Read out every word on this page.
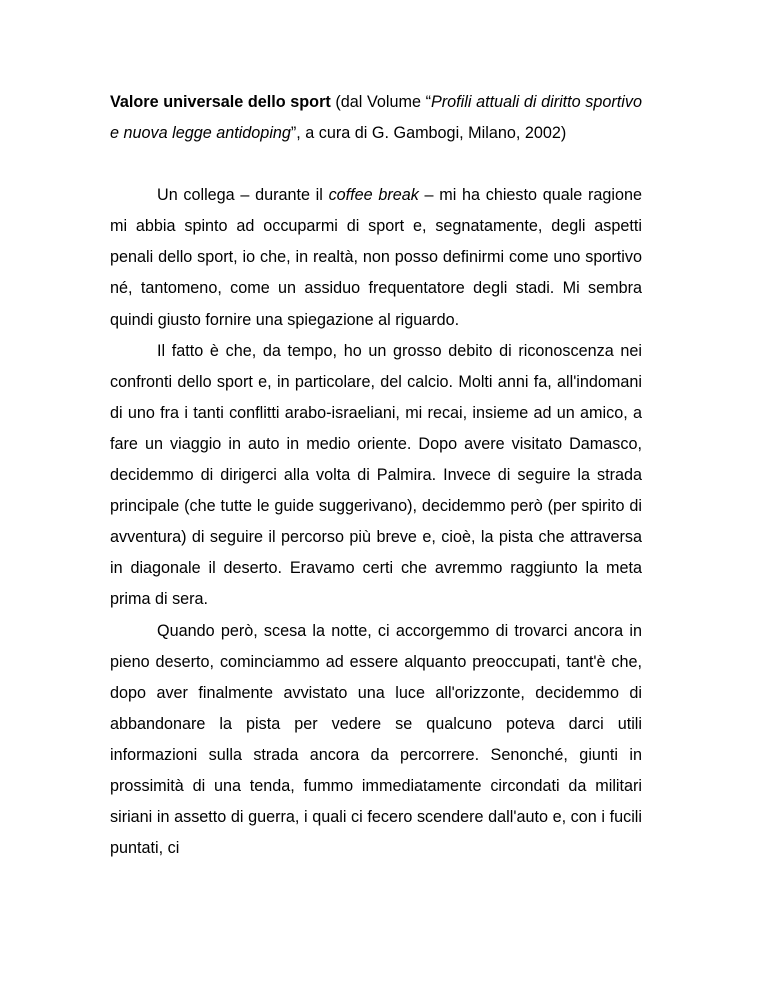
Valore universale dello sport (dal Volume “Profili attuali di diritto sportivo e nuova legge antidoping”, a cura di G. Gambogi, Milano, 2002)

Un collega – durante il coffee break – mi ha chiesto quale ragione mi abbia spinto ad occuparmi di sport e, segnatamente, degli aspetti penali dello sport, io che, in realtà, non posso definirmi come uno sportivo né, tantomeno, come un assiduo frequentatore degli stadi. Mi sembra quindi giusto fornire una spiegazione al riguardo.

Il fatto è che, da tempo, ho un grosso debito di riconoscenza nei confronti dello sport e, in particolare, del calcio. Molti anni fa, all'indomani di uno fra i tanti conflitti arabo-israeliani, mi recai, insieme ad un amico, a fare un viaggio in auto in medio oriente. Dopo avere visitato Damasco, decidemmo di dirigerci alla volta di Palmira. Invece di seguire la strada principale (che tutte le guide suggerivano), decidemmo però (per spirito di avventura) di seguire il percorso più breve e, cioè, la pista che attraversa in diagonale il deserto. Eravamo certi che avremmo raggiunto la meta prima di sera.

Quando però, scesa la notte, ci accorgemmo di trovarci ancora in pieno deserto, cominciammo ad essere alquanto preoccupati, tant'è che, dopo aver finalmente avvistato una luce all'orizzonte, decidemmo di abbandonare la pista per vedere se qualcuno poteva darci utili informazioni sulla strada ancora da percorrere. Senonché, giunti in prossimità di una tenda, fummo immediatamente circondati da militari siriani in assetto di guerra, i quali ci fecero scendere dall'auto e, con i fucili puntati, ci
